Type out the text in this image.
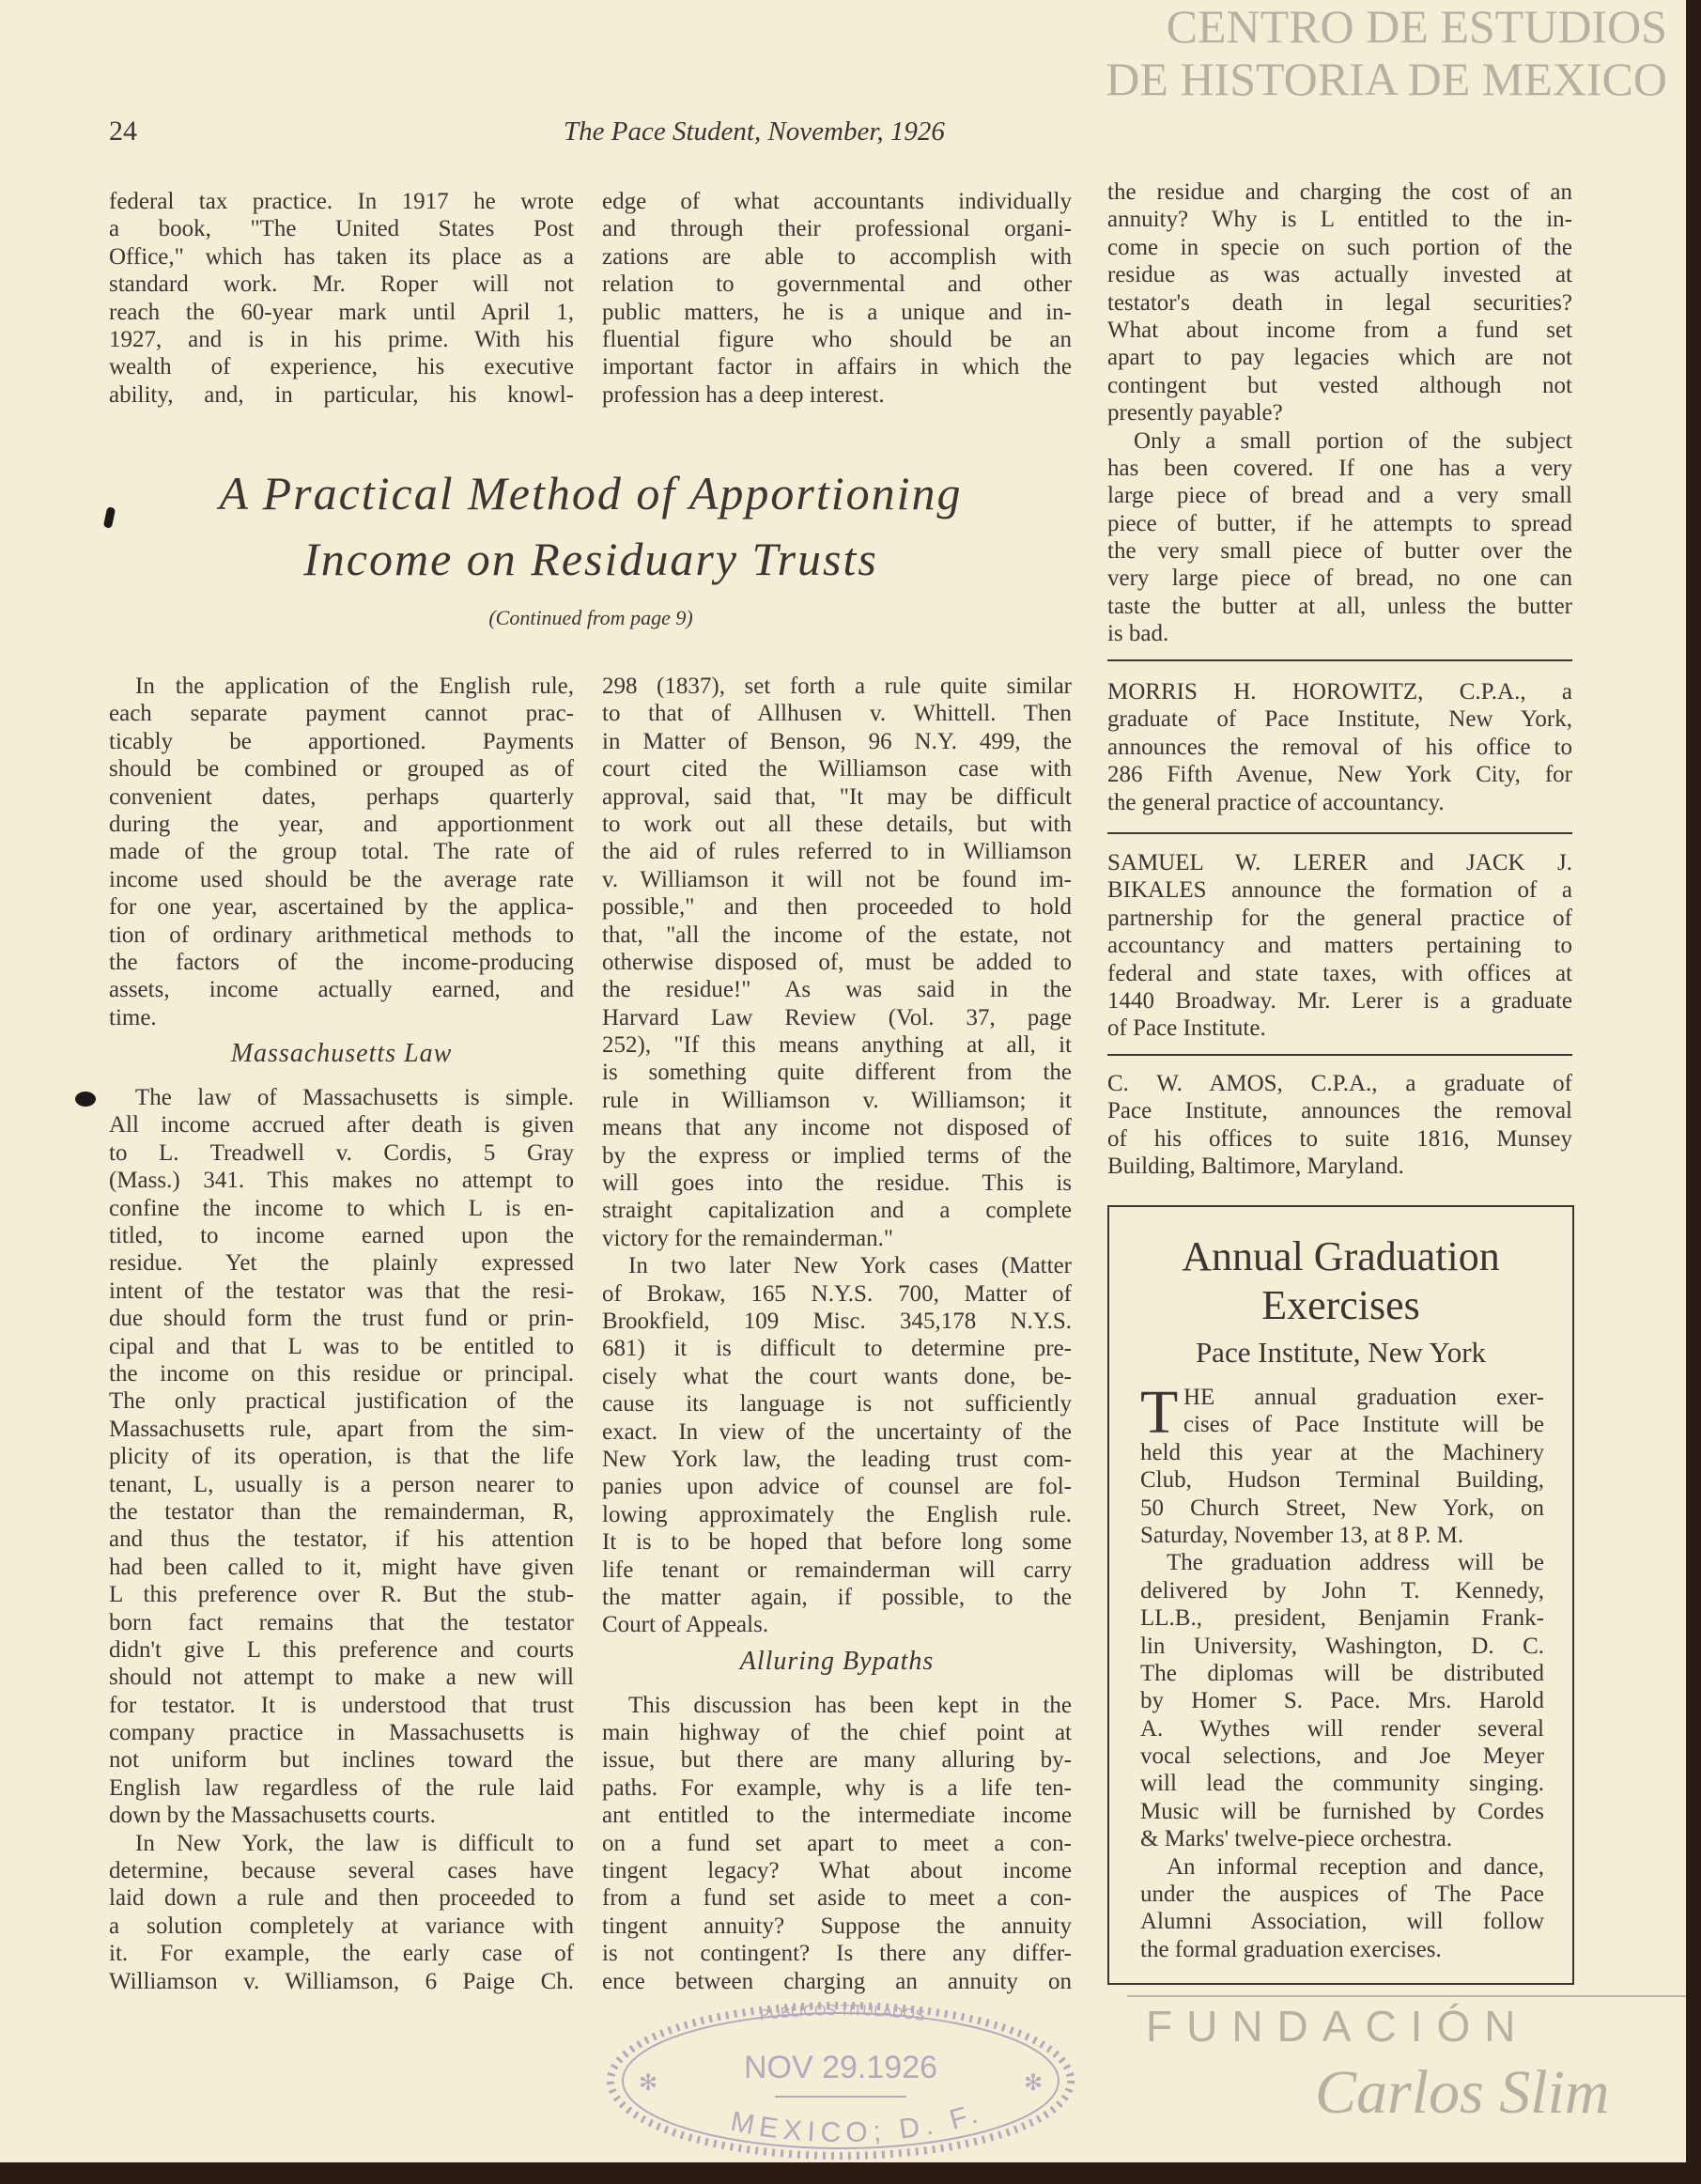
CENTRO DE ESTUDIOS
DE HISTORIA DE MEXICO
24	The Pace Student, November, 1926
federal tax practice. In 1917 he wrote
a book, "The United States Post
Office," which has taken its place as a
standard work. Mr. Roper will not
reach the 60-year mark until April 1,
1927, and is in his prime. With his
wealth of experience, his executive
ability, and, in particular, his knowl-
edge of what accountants individually
and through their professional organi-
zations are able to accomplish with
relation to governmental and other
public matters, he is a unique and in-
fluential figure who should be an
important factor in affairs in which the
profession has a deep interest.
the residue and charging the cost of an
annuity? Why is L entitled to the in-
come in specie on such portion of the
residue as was actually invested at
testator's death in legal securities?
What about income from a fund set
apart to pay legacies which are not
contingent but vested although not
presently payable?
Only a small portion of the subject
has been covered. If one has a very
large piece of bread and a very small
piece of butter, if he attempts to spread
the very small piece of butter over the
very large piece of bread, no one can
taste the butter at all, unless the butter
is bad.
A Practical Method of Apportioning
Income on Residuary Trusts
(Continued from page 9)
In the application of the English rule,
each separate payment cannot prac-
ticably be apportioned. Payments
should be combined or grouped as of
convenient dates, perhaps quarterly
during the year, and apportionment
made of the group total. The rate of
income used should be the average rate
for one year, ascertained by the applica-
tion of ordinary arithmetical methods to
the factors of the income-producing
assets, income actually earned, and
time.
Massachusetts Law
The law of Massachusetts is simple.
All income accrued after death is given
to L. Treadwell v. Cordis, 5 Gray
(Mass.) 341. This makes no attempt to
confine the income to which L is en-
titled, to income earned upon the
residue. Yet the plainly expressed
intent of the testator was that the resi-
due should form the trust fund or prin-
cipal and that L was to be entitled to
the income on this residue or principal.
The only practical justification of the
Massachusetts rule, apart from the sim-
plicity of its operation, is that the life
tenant, L, usually is a person nearer to
the testator than the remainderman, R,
and thus the testator, if his attention
had been called to it, might have given
L this preference over R. But the stub-
born fact remains that the testator
didn't give L this preference and courts
should not attempt to make a new will
for testator. It is understood that trust
company practice in Massachusetts is
not uniform but inclines toward the
English law regardless of the rule laid
down by the Massachusetts courts.
In New York, the law is difficult to
determine, because several cases have
laid down a rule and then proceeded to
a solution completely at variance with
it. For example, the early case of
Williamson v. Williamson, 6 Paige Ch.
298 (1837), set forth a rule quite similar
to that of Allhusen v. Whittell. Then
in Matter of Benson, 96 N.Y. 499, the
court cited the Williamson case with
approval, said that, "It may be difficult
to work out all these details, but with
the aid of rules referred to in Williamson
v. Williamson it will not be found im-
possible," and then proceeded to hold
that, "all the income of the estate, not
otherwise disposed of, must be added to
the residue!" As was said in the
Harvard Law Review (Vol. 37, page
252), "If this means anything at all, it
is something quite different from the
rule in Williamson v. Williamson; it
means that any income not disposed of
by the express or implied terms of the
will goes into the residue. This is
straight capitalization and a complete
victory for the remainderman."
In two later New York cases (Matter
of Brokaw, 165 N.Y.S. 700, Matter of
Brookfield, 109 Misc. 345,178 N.Y.S.
681) it is difficult to determine pre-
cisely what the court wants done, be-
cause its language is not sufficiently
exact. In view of the uncertainty of the
New York law, the leading trust com-
panies upon advice of counsel are fol-
lowing approximately the English rule.
It is to be hoped that before long some
life tenant or remainderman will carry
the matter again, if possible, to the
Court of Appeals.
Alluring Bypaths
This discussion has been kept in the
main highway of the chief point at
issue, but there are many alluring by-
paths. For example, why is a life ten-
ant entitled to the intermediate income
on a fund set apart to meet a con-
tingent legacy? What about income
from a fund set aside to meet a con-
tingent annuity? Suppose the annuity
is not contingent? Is there any differ-
ence between charging an annuity on
MORRIS H. HOROWITZ, C.P.A., a
graduate of Pace Institute, New York,
announces the removal of his office to
286 Fifth Avenue, New York City, for
the general practice of accountancy.
SAMUEL W. LERER and JACK J.
BIKALES announce the formation of a
partnership for the general practice of
accountancy and matters pertaining to
federal and state taxes, with offices at
1440 Broadway. Mr. Lerer is a graduate
of Pace Institute.
C. W. AMOS, C.P.A., a graduate of
Pace Institute, announces the removal
of his offices to suite 1816, Munsey
Building, Baltimore, Maryland.
Annual Graduation
Exercises
Pace Institute, New York
T HE annual graduation exer-
cises of Pace Institute will be
held this year at the Machinery
Club, Hudson Terminal Building,
50 Church Street, New York, on
Saturday, November 13, at 8 P. M.
The graduation address will be
delivered by John T. Kennedy,
LL.B., president, Benjamin Frank-
lin University, Washington, D. C.
The diplomas will be distributed
by Homer S. Pace. Mrs. Harold
A. Wythes will render several
vocal selections, and Joe Meyer
will lead the community singing.
Music will be furnished by Cordes
& Marks' twelve-piece orchestra.
An informal reception and dance,
under the auspices of The Pace
Alumni Association, will follow
the formal graduation exercises.
FUNDACIÓN
Carlos Slim
PUBLICOS TITULADOS
NOV 29.1926
MEXICO; D. F.
✻	✻
